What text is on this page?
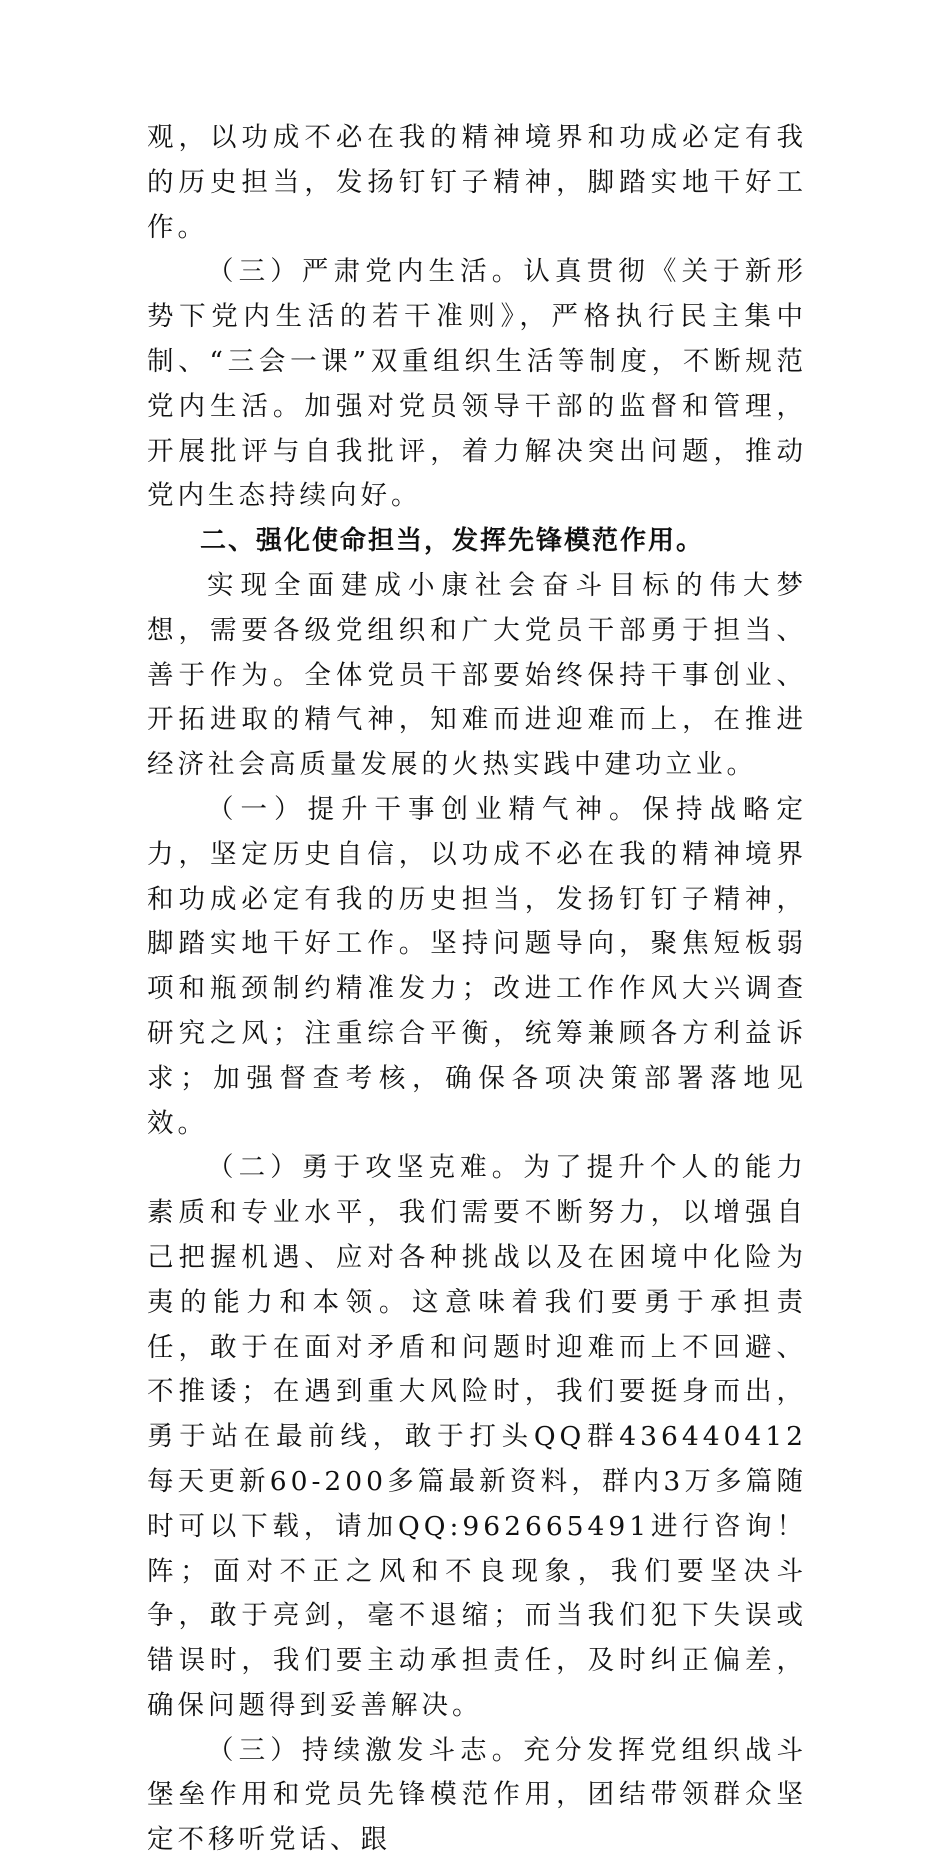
观，以功成不必在我的精神境界和功成必定有我的历史担当，发扬钉钉子精神，脚踏实地干好工作。

（三）严肃党内生活。认真贯彻《关于新形势下党内生活的若干准则》，严格执行民主集中制、“三会一课”双重组织生活等制度，不断规范党内生活。加强对党员领导干部的监督和管理，开展批评与自我批评，着力解决突出问题，推动党内生态持续向好。

二、强化使命担当，发挥先锋模范作用。

实现全面建成小康社会奋斗目标的伟大梦想，需要各级党组织和广大党员干部勇于担当、善于作为。全体党员干部要始终保持干事创业、开拓进取的精气神，知难而进迎难而上，在推进经济社会高质量发展的火热实践中建功立业。

（一）提升干事创业精气神。保持战略定力，坚定历史自信，以功成不必在我的精神境界和功成必定有我的历史担当，发扬钉钉子精神，脚踏实地干好工作。坚持问题导向，聚焦短板弱项和瓶颈制约精准发力；改进工作作风大兴调查研究之风；注重综合平衡，统筹兼顾各方利益诉求；加强督查考核，确保各项决策部署落地见效。

（二）勇于攻坚克难。为了提升个人的能力素质和专业水平，我们需要不断努力，以增强自己把握机遇、应对各种挑战以及在困境中化险为夷的能力和本领。这意味着我们要勇于承担责任，敢于在面对矛盾和问题时迎难而上不回避、不推诿；在遇到重大风险时，我们要挺身而出，勇于站在最前线，敢于打头QQ群436440412每天更新60-200多篇最新资料，群内3万多篇随时可以下载，请加QQ:962665491进行咨询！阵；面对不正之风和不良现象，我们要坚决斗争，敢于亮剑，毫不退缩；而当我们犯下失误或错误时，我们要主动承担责任，及时纠正偏差，确保问题得到妥善解决。

（三）持续激发斗志。充分发挥党组织战斗堡垒作用和党员先锋模范作用，团结带领群众坚定不移听党话、跟
